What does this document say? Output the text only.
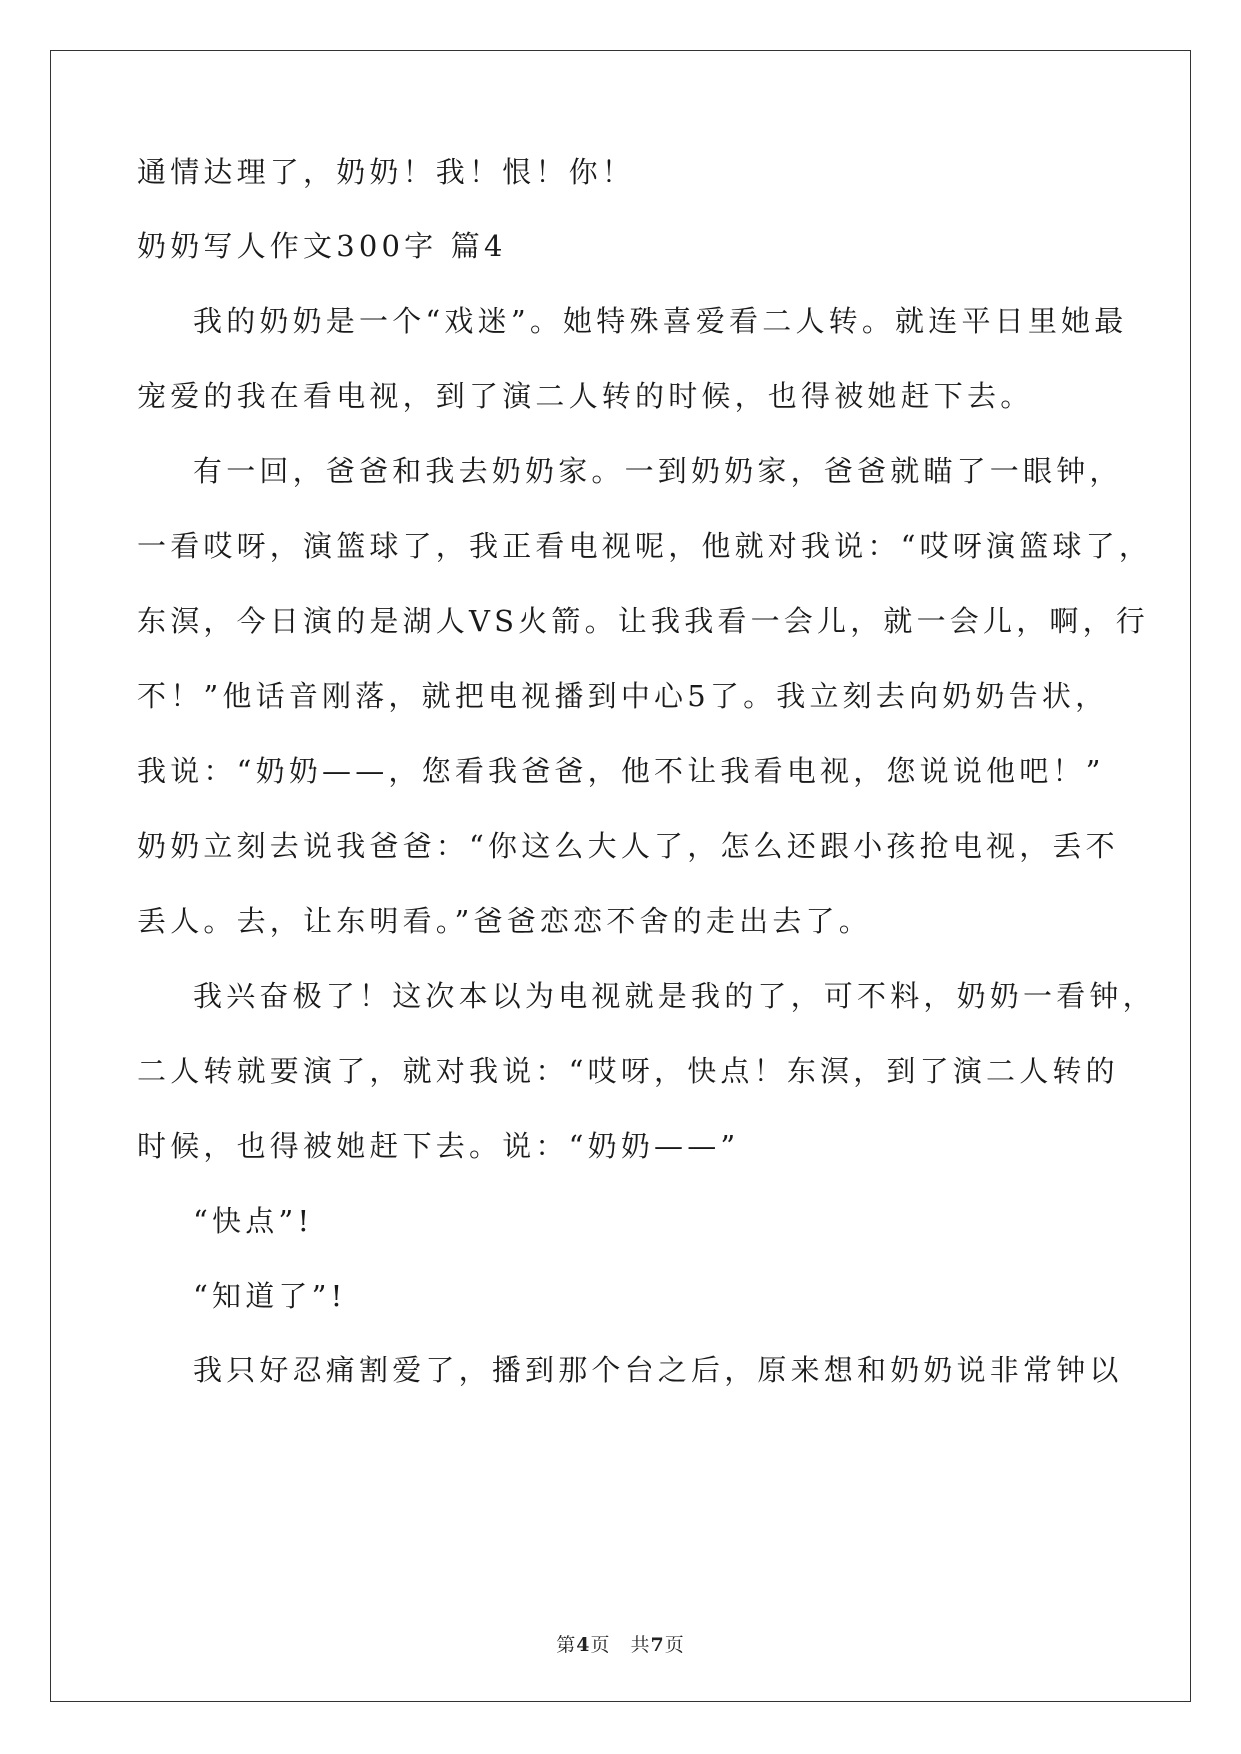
通情达理了，奶奶！我！恨！你！
奶奶写人作文300字 篇4
我的奶奶是一个“戏迷”。她特殊喜爱看二人转。就连平日里她最
宠爱的我在看电视，到了演二人转的时候，也得被她赶下去。
有一回，爸爸和我去奶奶家。一到奶奶家，爸爸就瞄了一眼钟，
一看哎呀，演篮球了，我正看电视呢，他就对我说：“哎呀演篮球了，
东溟，今日演的是湖人VS火箭。让我我看一会儿，就一会儿，啊，行
不！”他话音刚落，就把电视播到中心5了。我立刻去向奶奶告状，
我说：“奶奶——，您看我爸爸，他不让我看电视，您说说他吧！”
奶奶立刻去说我爸爸：“你这么大人了，怎么还跟小孩抢电视，丢不
丢人。去，让东明看。”爸爸恋恋不舍的走出去了。
我兴奋极了！这次本以为电视就是我的了，可不料，奶奶一看钟，
二人转就要演了，就对我说：“哎呀，快点！东溟，到了演二人转的
时候，也得被她赶下去。说：“奶奶——”
“快点”!
“知道了”!
我只好忍痛割爱了，播到那个台之后，原来想和奶奶说非常钟以
第4页 共7页
